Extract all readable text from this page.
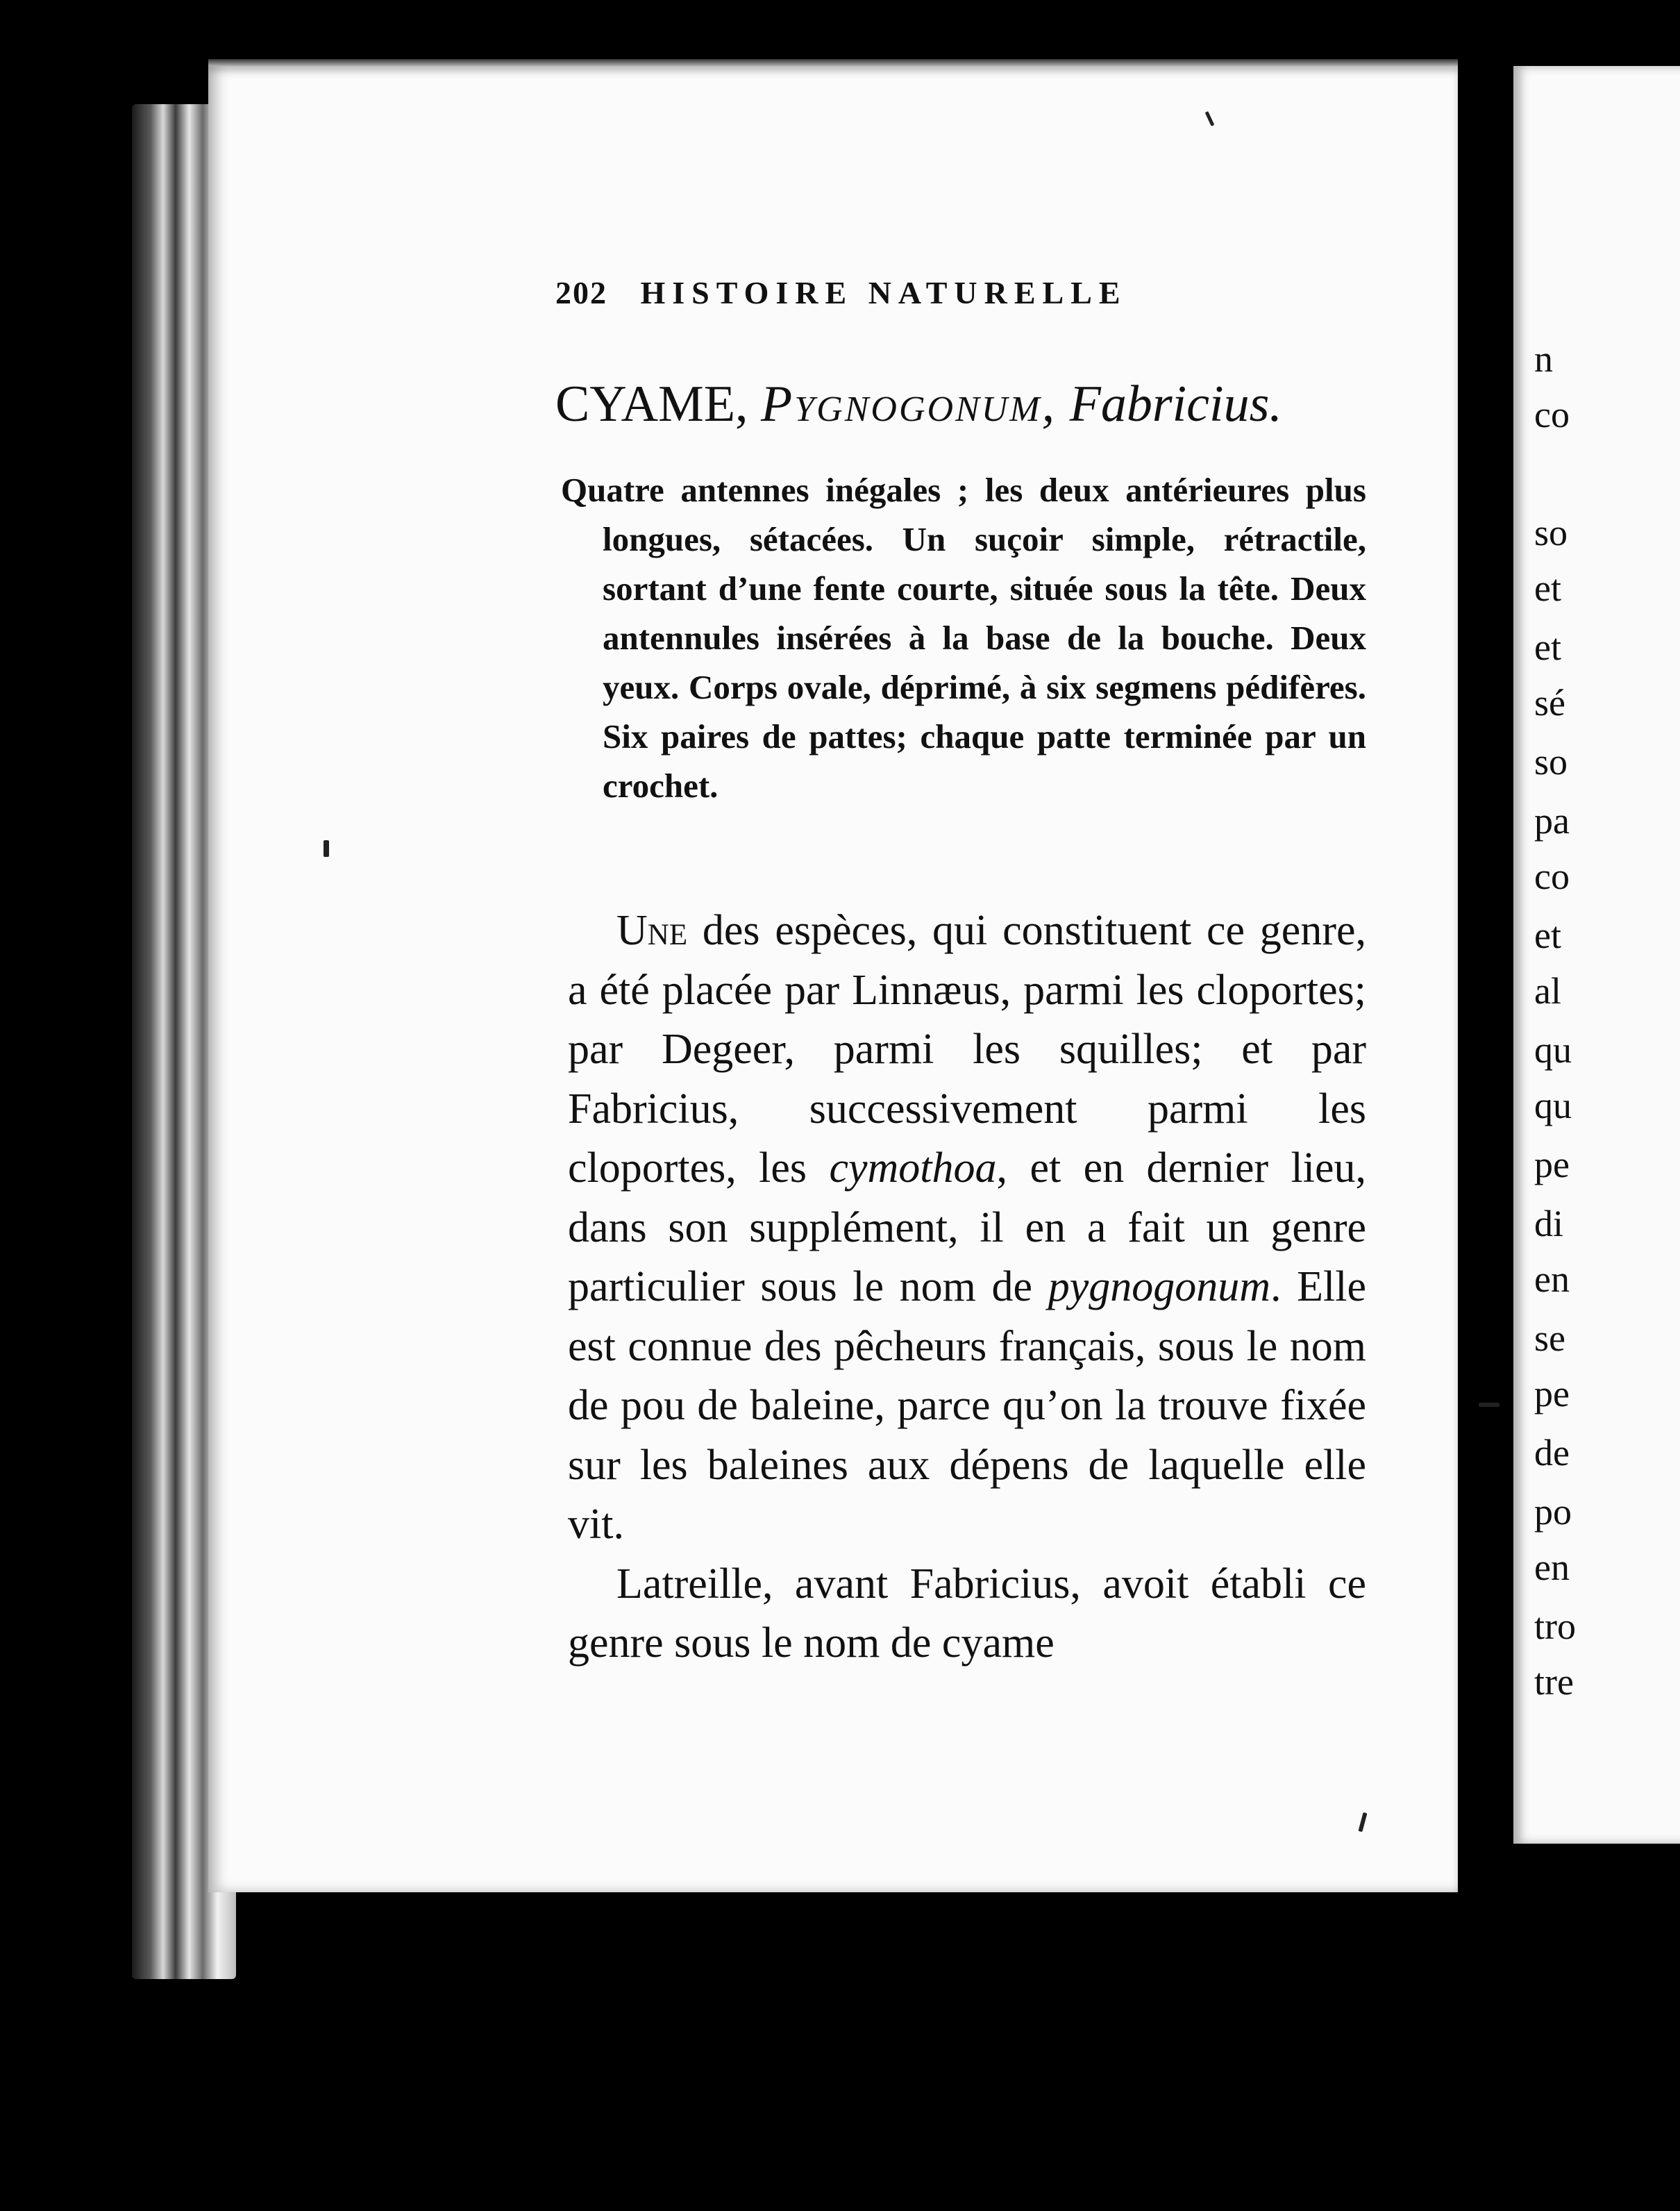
202 HISTOIRE NATURELLE
CYAME, Pygnogonum, Fabricius.

Quatre antennes inégales ; les deux antérieures plus longues, sétacées. Un suçoir simple, rétractile, sortant d’une fente courte, située sous la tête. Deux antennules insérées à la base de la bouche. Deux yeux. Corps ovale, déprimé, à six segmens pédifères. Six paires de pattes; chaque patte terminée par un crochet.

Une des espèces, qui constituent ce genre, a été placée par Linnæus, parmi les cloportes; par Degeer, parmi les squilles; et par Fabricius, successivement parmi les cloportes, les cymothoa, et en dernier lieu, dans son supplément, il en a fait un genre particulier sous le nom de pygnogonum. Elle est connue des pêcheurs français, sous le nom de pou de baleine, parce qu’on la trouve fixée sur les baleines aux dépens de laquelle elle vit.

Latreille, avant Fabricius, avoit établi ce genre sous le nom de cyame

n
co
so
et
et
sé
so
pa
co
et
al
qu
qu
pe
di
en
se
pe
de
po
en
tro
tre
